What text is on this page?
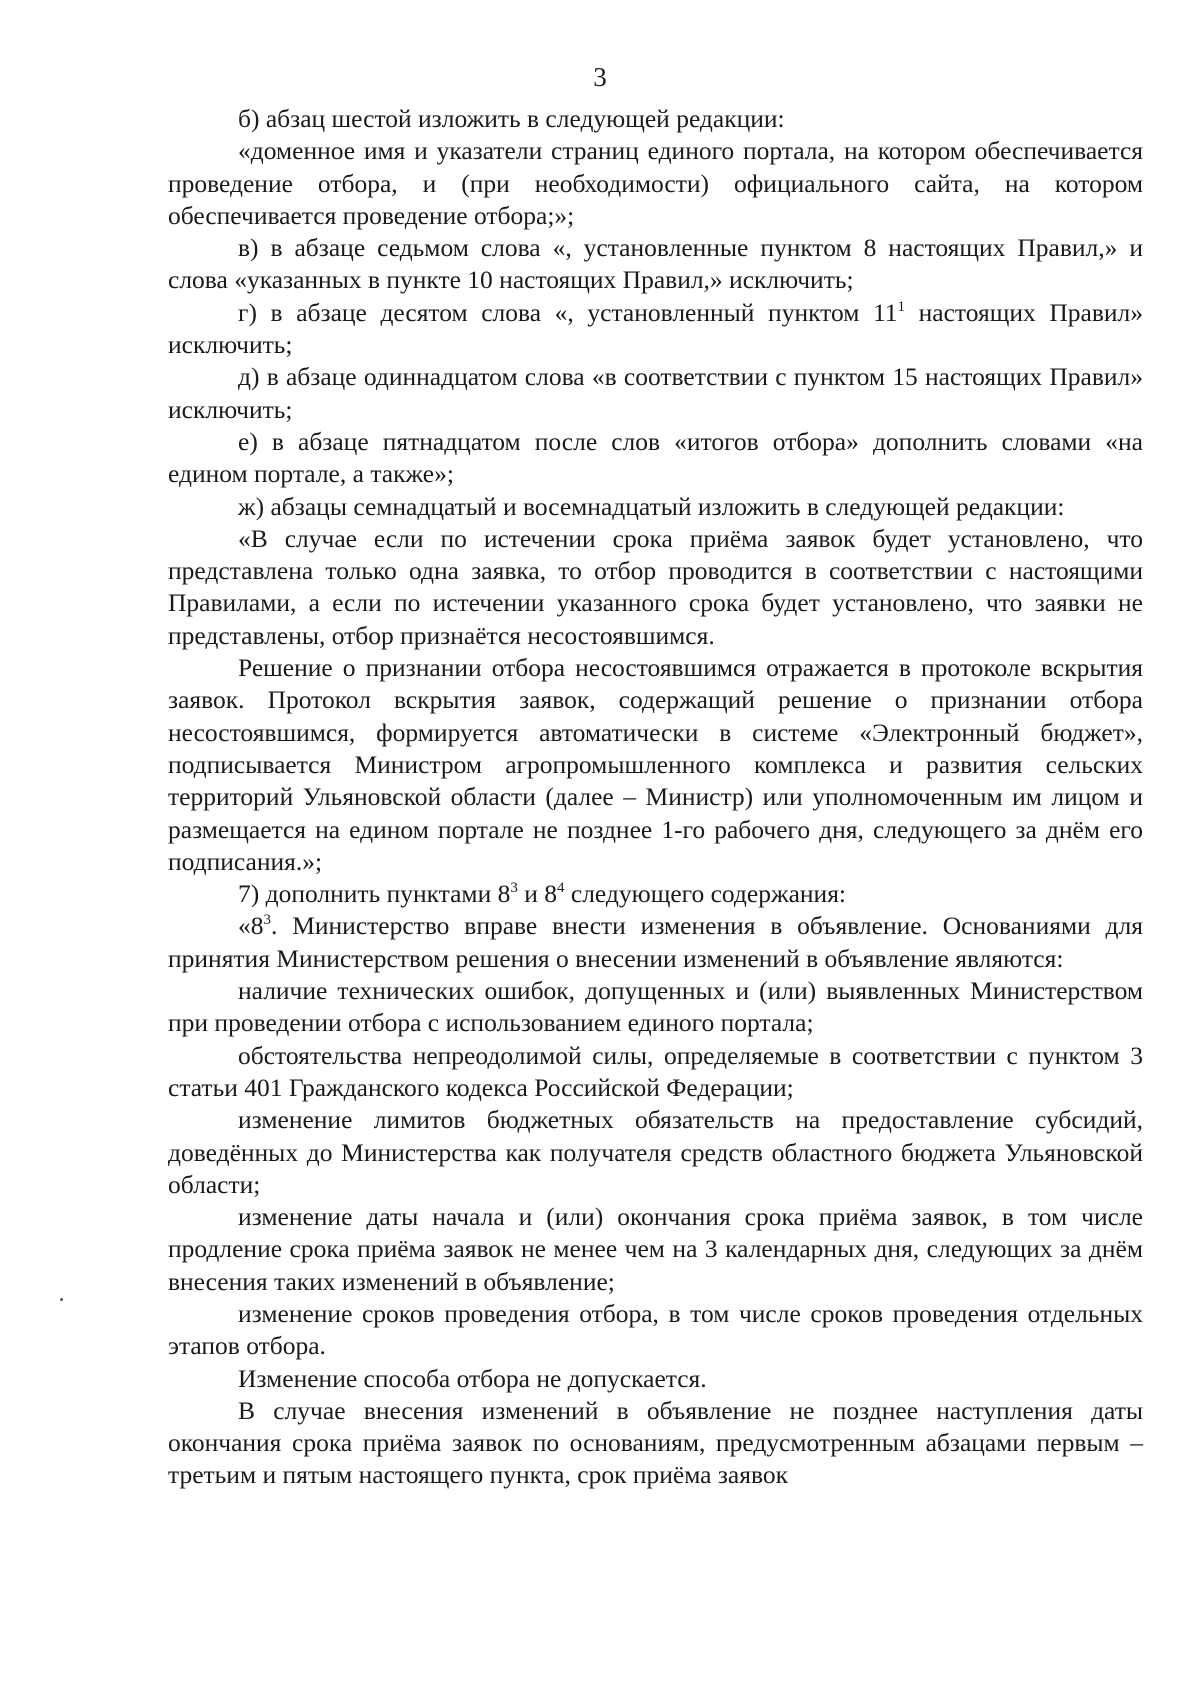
3

б) абзац шестой изложить в следующей редакции:

«доменное имя и указатели страниц единого портала, на котором обеспечивается проведение отбора, и (при необходимости) официального сайта, на котором обеспечивается проведение отбора;»;

в) в абзаце седьмом слова «, установленные пунктом 8 настоящих Правил,» и слова «указанных в пункте 10 настоящих Правил,» исключить;

г) в абзаце десятом слова «, установленный пунктом $11^1$ настоящих Правил» исключить;

д) в абзаце одиннадцатом слова «в соответствии с пунктом 15 настоящих Правил» исключить;

е) в абзаце пятнадцатом после слов «итогов отбора» дополнить словами «на едином портале, а также»;

ж) абзацы семнадцатый и восемнадцатый изложить в следующей редакции:

«В случае если по истечении срока приёма заявок будет установлено, что представлена только одна заявка, то отбор проводится в соответствии с настоящими Правилами, а если по истечении указанного срока будет установлено, что заявки не представлены, отбор признаётся несостоявшимся.

Решение о признании отбора несостоявшимся отражается в протоколе вскрытия заявок. Протокол вскрытия заявок, содержащий решение о признании отбора несостоявшимся, формируется автоматически в системе «Электронный бюджет», подписывается Министром агропромышленного комплекса и развития сельских территорий Ульяновской области (далее – Министр) или уполномоченным им лицом и размещается на едином портале не позднее 1-го рабочего дня, следующего за днём его подписания.»;

7) дополнить пунктами $8^3$ и $8^4$ следующего содержания:

«$8^3$. Министерство вправе внести изменения в объявление. Основаниями для принятия Министерством решения о внесении изменений в объявление являются:

наличие технических ошибок, допущенных и (или) выявленных Министерством при проведении отбора с использованием единого портала;

обстоятельства непреодолимой силы, определяемые в соответствии с пунктом 3 статьи 401 Гражданского кодекса Российской Федерации;

изменение лимитов бюджетных обязательств на предоставление субсидий, доведённых до Министерства как получателя средств областного бюджета Ульяновской области;

изменение даты начала и (или) окончания срока приёма заявок, в том числе продление срока приёма заявок не менее чем на 3 календарных дня, следующих за днём внесения таких изменений в объявление;

изменение сроков проведения отбора, в том числе сроков проведения отдельных этапов отбора.

Изменение способа отбора не допускается.

В случае внесения изменений в объявление не позднее наступления даты окончания срока приёма заявок по основаниям, предусмотренным абзацами первым – третьим и пятым настоящего пункта, срок приёма заявок
